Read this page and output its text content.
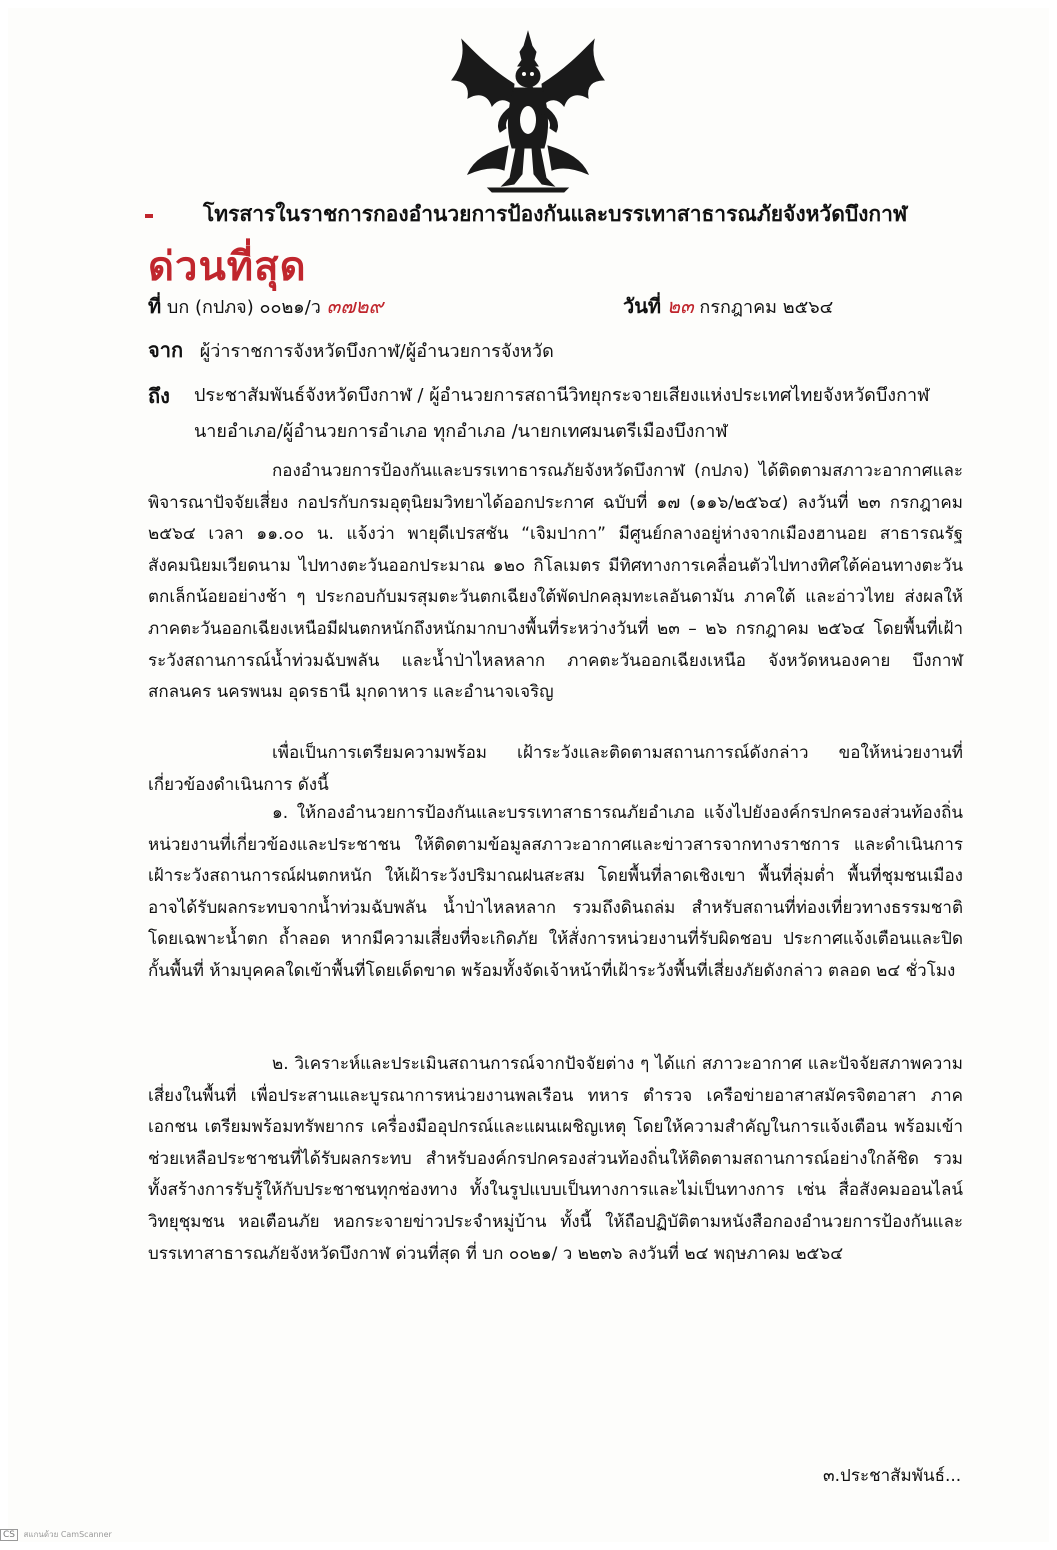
โทรสารในราชการกองอำนวยการป้องกันและบรรเทาสาธารณภัยจังหวัดบึงกาฬ
ด่วนที่สุด
ที่ บก (กปภจ) ๐๐๒๑/ว ๓๗๒๙	วันที่ ๒๓ กรกฎาคม ๒๕๖๔
จาก ผู้ว่าราชการจังหวัดบึงกาฬ/ผู้อำนวยการจังหวัด
ถึง ประชาสัมพันธ์จังหวัดบึงกาฬ / ผู้อำนวยการสถานีวิทยุกระจายเสียงแห่งประเทศไทยจังหวัดบึงกาฬ
นายอำเภอ/ผู้อำนวยการอำเภอ ทุกอำเภอ /นายกเทศมนตรีเมืองบึงกาฬ

กองอำนวยการป้องกันและบรรเทาธารณภัยจังหวัดบึงกาฬ (กปภจ) ได้ติดตามสภาวะอากาศและพิจารณาปัจจัยเสี่ยง กอปรกับกรมอุตุนิยมวิทยาได้ออกประกาศ ฉบับที่ ๑๗ (๑๑๖/๒๕๖๔) ลงวันที่ ๒๓ กรกฎาคม ๒๕๖๔ เวลา ๑๑.๐๐ น. แจ้งว่า พายุดีเปรสชัน “เจิมปากา” มีศูนย์กลางอยู่ห่างจากเมืองฮานอย สาธารณรัฐสังคมนิยมเวียดนาม ไปทางตะวันออกประมาณ ๑๒๐ กิโลเมตร มีทิศทางการเคลื่อนตัวไปทางทิศใต้ค่อนทางตะวันตกเล็กน้อยอย่างช้า ๆ ประกอบกับมรสุมตะวันตกเฉียงใต้พัดปกคลุมทะเลอันดามัน ภาคใต้ และอ่าวไทย ส่งผลให้ภาคตะวันออกเฉียงเหนือมีฝนตกหนักถึงหนักมากบางพื้นที่ระหว่างวันที่ ๒๓ – ๒๖ กรกฎาคม ๒๕๖๔ โดยพื้นที่เฝ้าระวังสถานการณ์น้ำท่วมฉับพลัน และน้ำป่าไหลหลาก ภาคตะวันออกเฉียงเหนือ จังหวัดหนองคาย บึงกาฬ สกลนคร นครพนม อุดรธานี มุกดาหาร และอำนาจเจริญ

เพื่อเป็นการเตรียมความพร้อม เฝ้าระวังและติดตามสถานการณ์ดังกล่าว ขอให้หน่วยงานที่เกี่ยวข้องดำเนินการ ดังนี้

๑. ให้กองอำนวยการป้องกันและบรรเทาสาธารณภัยอำเภอ แจ้งไปยังองค์กรปกครองส่วนท้องถิ่น หน่วยงานที่เกี่ยวข้องและประชาชน ให้ติดตามข้อมูลสภาวะอากาศและข่าวสารจากทางราชการ และดำเนินการเฝ้าระวังสถานการณ์ฝนตกหนัก ให้เฝ้าระวังปริมาณฝนสะสม โดยพื้นที่ลาดเชิงเขา พื้นที่ลุ่มต่ำ พื้นที่ชุมชนเมือง อาจได้รับผลกระทบจากน้ำท่วมฉับพลัน น้ำป่าไหลหลาก รวมถึงดินถล่ม สำหรับสถานที่ท่องเที่ยวทางธรรมชาติ โดยเฉพาะน้ำตก ถ้ำลอด หากมีความเสี่ยงที่จะเกิดภัย ให้สั่งการหน่วยงานที่รับผิดชอบ ประกาศแจ้งเตือนและปิดกั้นพื้นที่ ห้ามบุคคลใดเข้าพื้นที่โดยเด็ดขาด พร้อมทั้งจัดเจ้าหน้าที่เฝ้าระวังพื้นที่เสี่ยงภัยดังกล่าว ตลอด ๒๔ ชั่วโมง

๒. วิเคราะห์และประเมินสถานการณ์จากปัจจัยต่าง ๆ ได้แก่ สภาวะอากาศ และปัจจัยสภาพความเสี่ยงในพื้นที่ เพื่อประสานและบูรณาการหน่วยงานพลเรือน ทหาร ตำรวจ เครือข่ายอาสาสมัครจิตอาสา ภาคเอกชน เตรียมพร้อมทรัพยากร เครื่องมืออุปกรณ์และแผนเผชิญเหตุ โดยให้ความสำคัญในการแจ้งเตือน พร้อมเข้าช่วยเหลือประชาชนที่ได้รับผลกระทบ สำหรับองค์กรปกครองส่วนท้องถิ่นให้ติดตามสถานการณ์อย่างใกล้ชิด รวมทั้งสร้างการรับรู้ให้กับประชาชนทุกช่องทาง ทั้งในรูปแบบเป็นทางการและไม่เป็นทางการ เช่น สื่อสังคมออนไลน์ วิทยุชุมชน หอเตือนภัย หอกระจายข่าวประจำหมู่บ้าน ทั้งนี้ ให้ถือปฏิบัติตามหนังสือกองอำนวยการป้องกันและบรรเทาสาธารณภัยจังหวัดบึงกาฬ ด่วนที่สุด ที่ บก ๐๐๒๑/ ว ๒๒๓๖ ลงวันที่ ๒๔ พฤษภาคม ๒๕๖๔

๓.ประชาสัมพันธ์...
CS สแกนด้วย CamScanner
